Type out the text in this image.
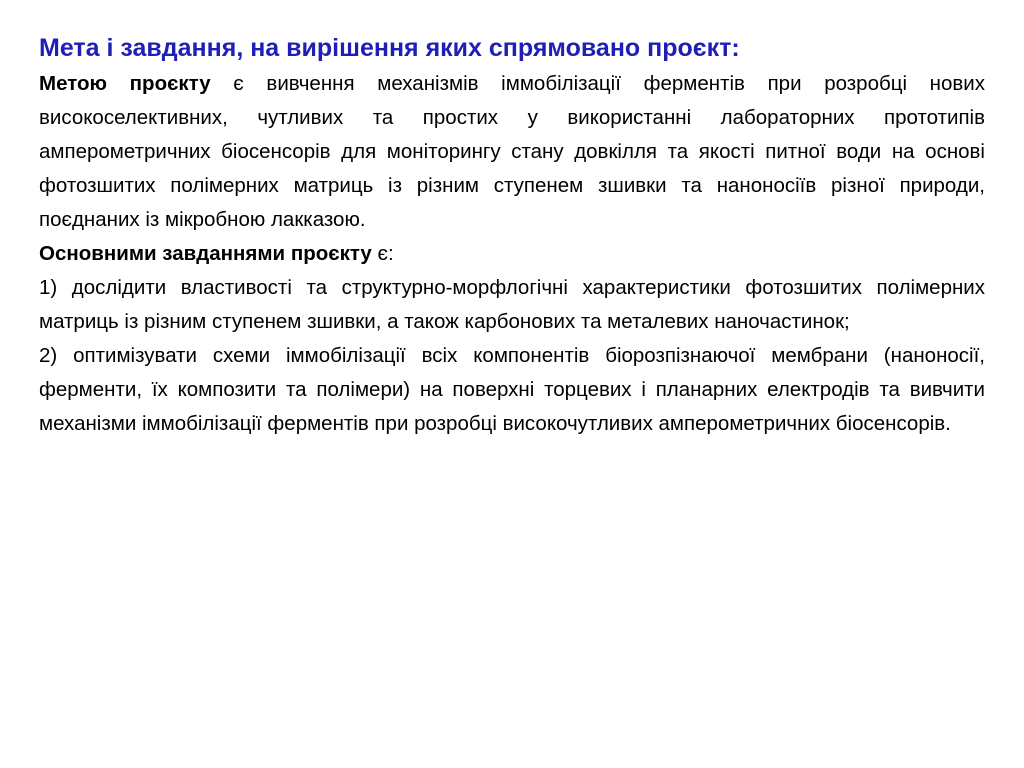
Мета і завдання, на вирішення яких спрямовано проєкт:

Метою проєкту є вивчення механізмів іммобілізації ферментів при розробці нових високоселективних, чутливих та простих у використанні лабораторних прототипів амперометричних біосенсорів для моніторингу стану довкілля та якості питної води на основі фотозшитих полімерних матриць із різним ступенем зшивки та наноносіїв різної природи, поєднаних із мікробною лакказою.

Основними завданнями проєкту є:

1) дослідити властивості та структурно-морфлогічні характеристики фотозшитих полімерних матриць із різним ступенем зшивки, а також карбонових та металевих наночастинок;

2) оптимізувати схеми іммобілізації всіх компонентів біорозпізнаючої мембрани (наноносії, ферменти, їх композити та полімери) на поверхні торцевих і планарних електродів та вивчити механізми іммобілізації ферментів при розробці високочутливих амперометричних біосенсорів.
